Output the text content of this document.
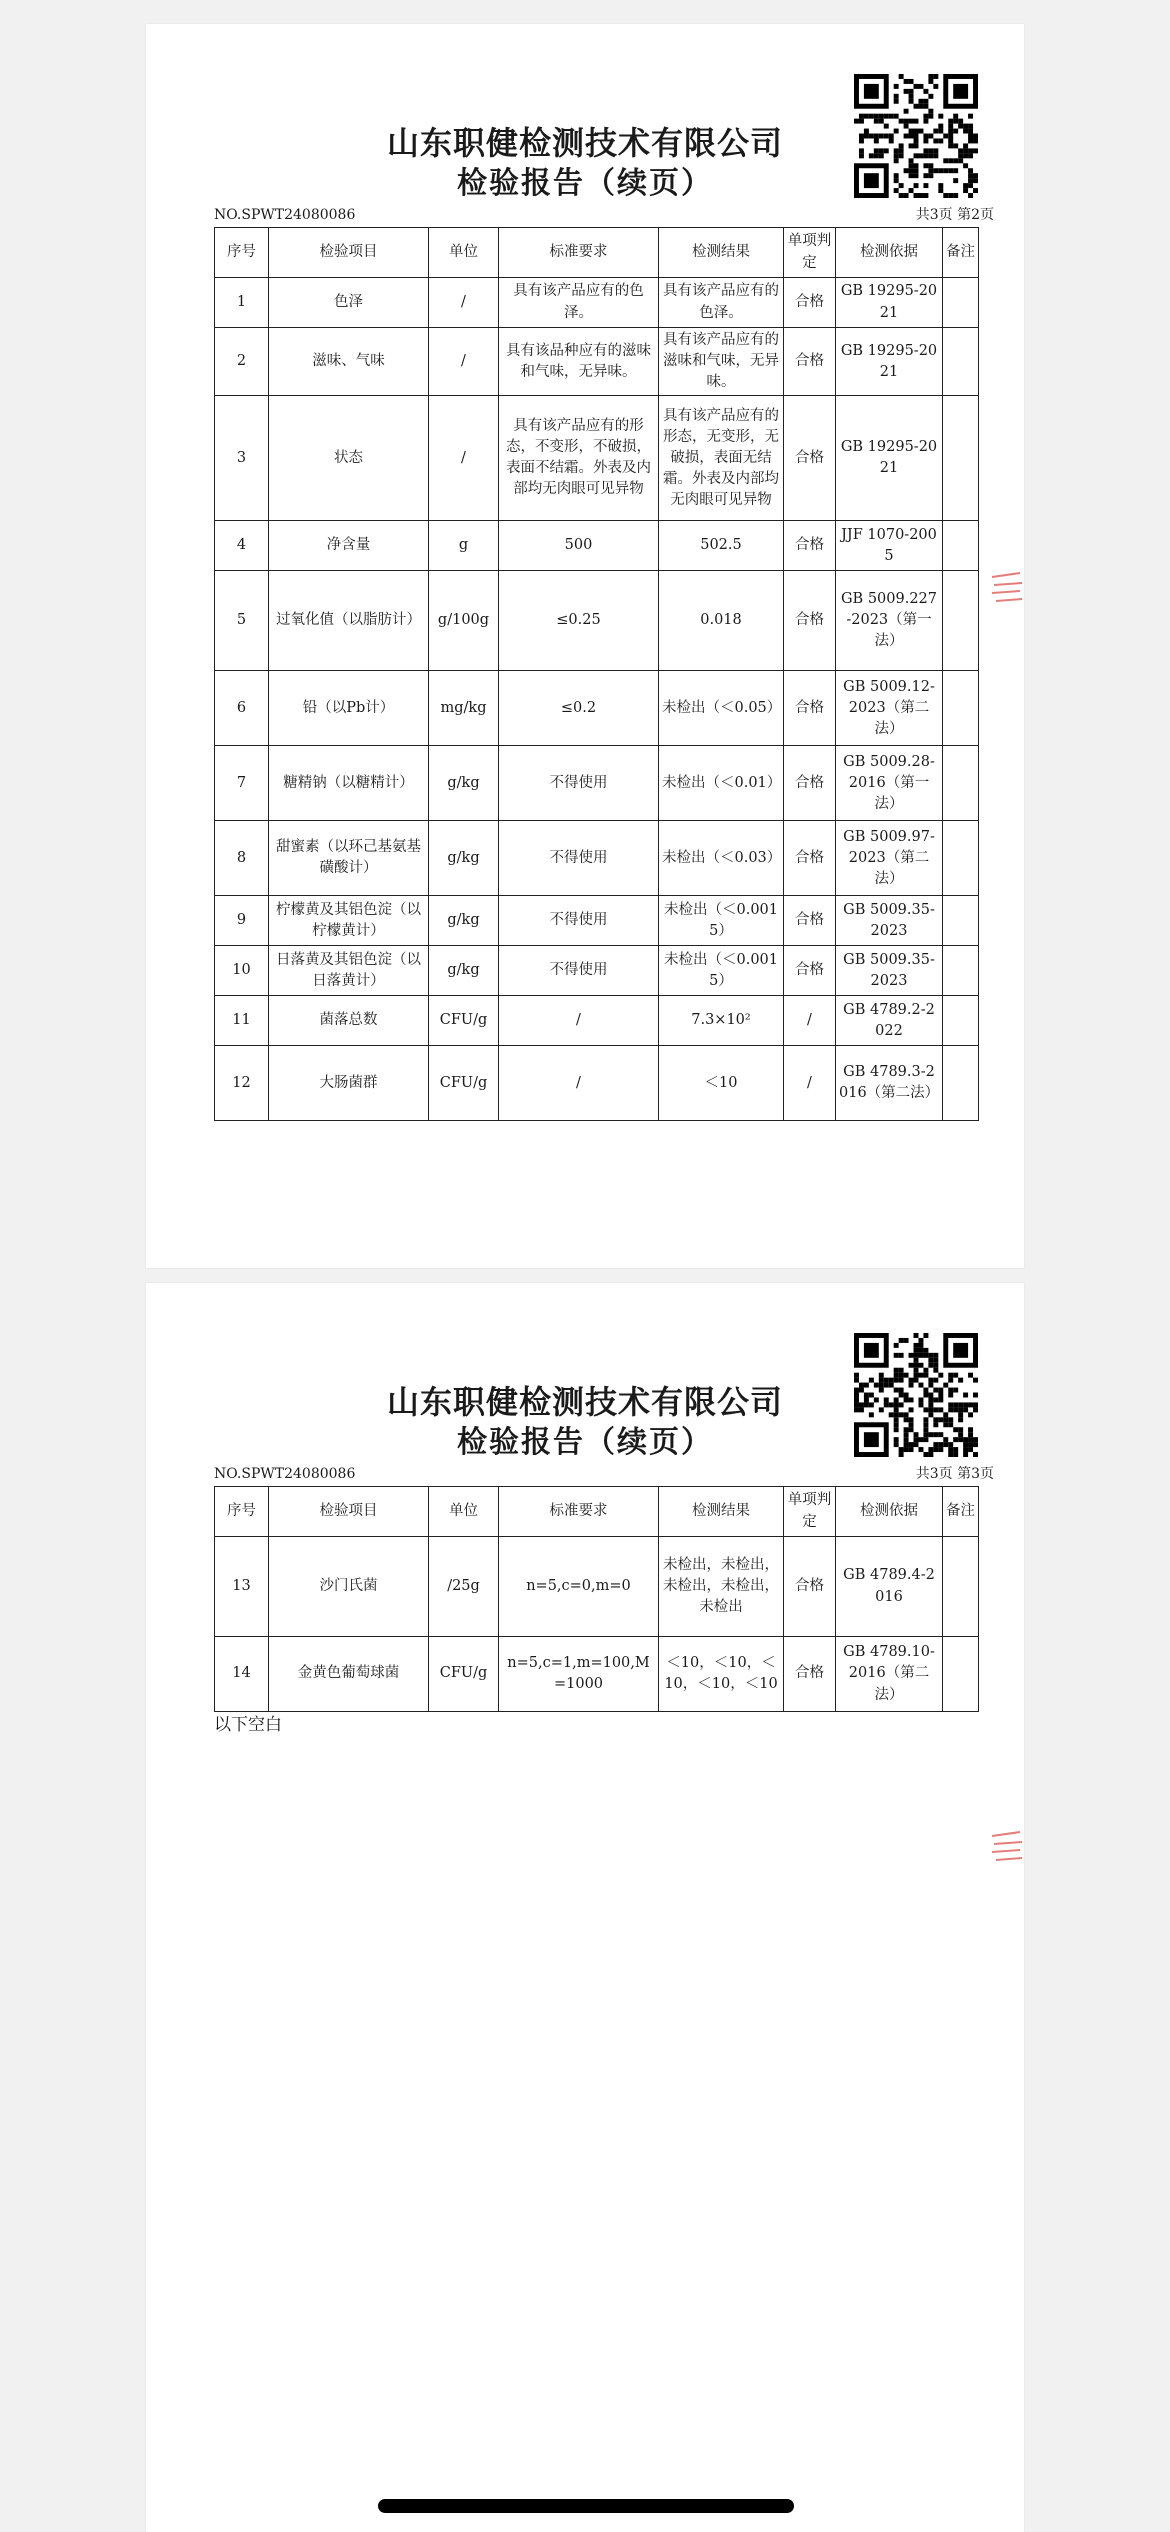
山东职健检测技术有限公司
检验报告（续页）
NO.SPWT24080086	共3页 第2页
序号	检验项目	单位	标准要求	检测结果	单项判定	检测依据	备注
1	色泽	/	具有该产品应有的色泽。	具有该产品应有的色泽。	合格	GB 19295-2021	
2	滋味、气味	/	具有该品种应有的滋味和气味，无异味。	具有该产品应有的滋味和气味，无异味。	合格	GB 19295-2021	
3	状态	/	具有该产品应有的形态，不变形，不破损，表面不结霜。外表及内部均无肉眼可见异物	具有该产品应有的形态，无变形，无破损，表面无结霜。外表及内部均无肉眼可见异物	合格	GB 19295-2021	
4	净含量	g	500	502.5	合格	JJF 1070-2005	
5	过氧化值（以脂肪计）	g/100g	≤0.25	0.018	合格	GB 5009.227-2023（第一法）	
6	铅（以Pb计）	mg/kg	≤0.2	未检出（＜0.05）	合格	GB 5009.12-2023（第二法）	
7	糖精钠（以糖精计）	g/kg	不得使用	未检出（＜0.01）	合格	GB 5009.28-2016（第一法）	
8	甜蜜素（以环己基氨基磺酸计）	g/kg	不得使用	未检出（＜0.03）	合格	GB 5009.97-2023（第二法）	
9	柠檬黄及其铝色淀（以柠檬黄计）	g/kg	不得使用	未检出（＜0.0015）	合格	GB 5009.35-2023	
10	日落黄及其铝色淀（以日落黄计）	g/kg	不得使用	未检出（＜0.0015）	合格	GB 5009.35-2023	
11	菌落总数	CFU/g	/	7.3×10²	/	GB 4789.2-2022	
12	大肠菌群	CFU/g	/	＜10	/	GB 4789.3-2016（第二法）	
山东职健检测技术有限公司
检验报告（续页）
NO.SPWT24080086	共3页 第3页
序号	检验项目	单位	标准要求	检测结果	单项判定	检测依据	备注
13	沙门氏菌	/25g	n=5,c=0,m=0	未检出，未检出，未检出，未检出，未检出	合格	GB 4789.4-2016	
14	金黄色葡萄球菌	CFU/g	n=5,c=1,m=100,M=1000	＜10，＜10，＜10，＜10，＜10	合格	GB 4789.10-2016（第二法）	
以下空白
